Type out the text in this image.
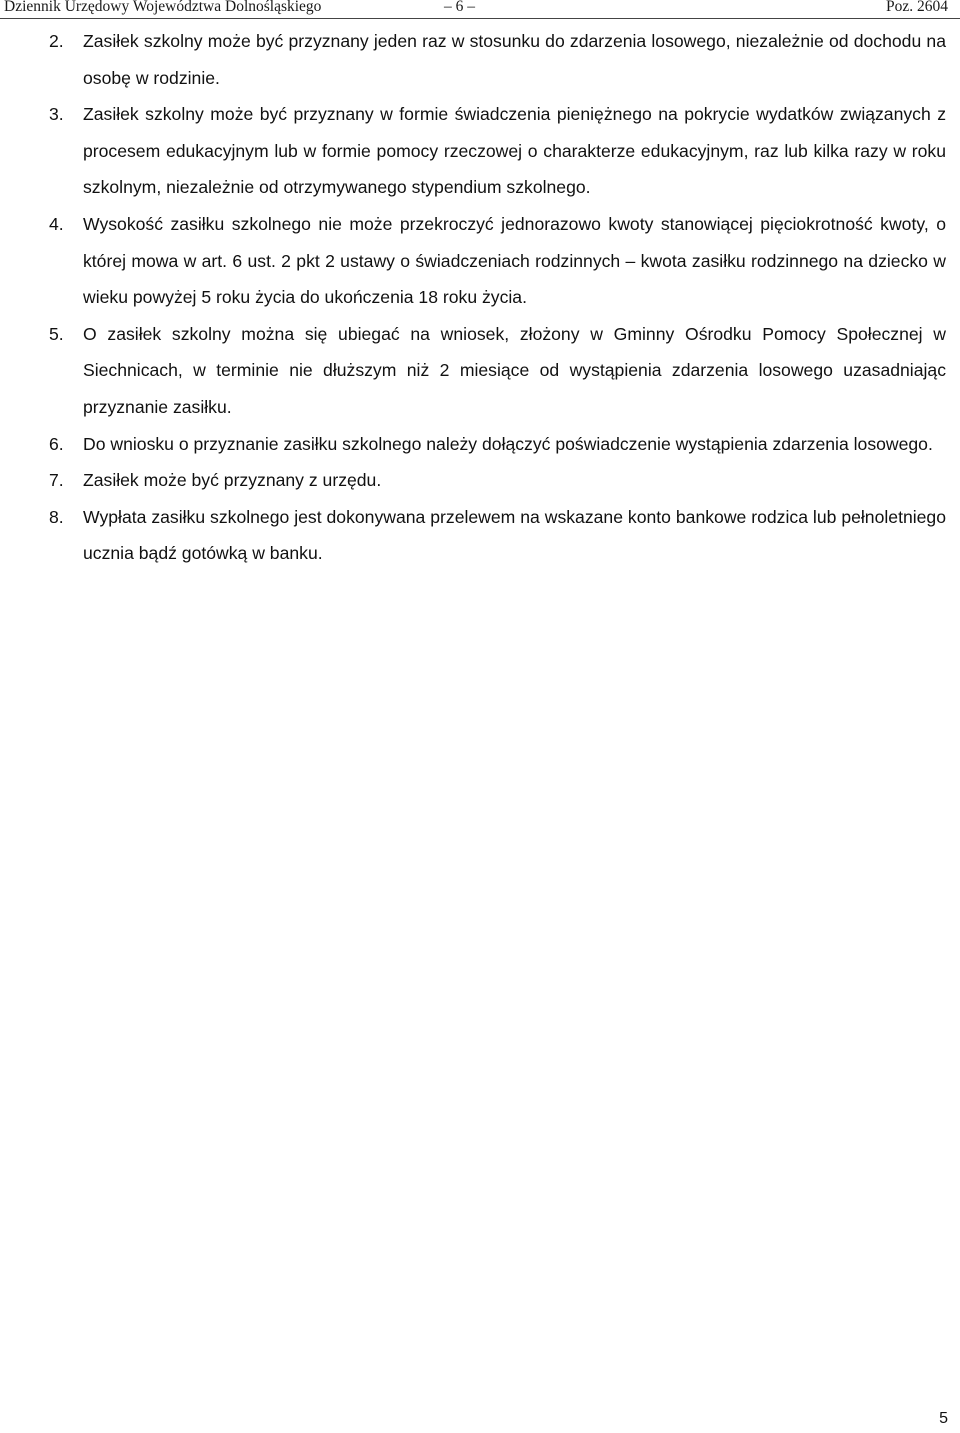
Dziennik Urzędowy Województwa Dolnośląskiego	– 6 –	Poz. 2604
2.	Zasiłek szkolny może być przyznany jeden raz w stosunku do zdarzenia losowego, niezależnie od dochodu na osobę w rodzinie.
3.	Zasiłek szkolny może być przyznany w formie świadczenia pieniężnego na pokrycie wydatków związanych z procesem edukacyjnym lub w formie pomocy rzeczowej o charakterze edukacyjnym, raz lub kilka razy w roku szkolnym, niezależnie od otrzymywanego stypendium szkolnego.
4.	Wysokość zasiłku szkolnego nie może przekroczyć jednorazowo kwoty stanowiącej pięciokrotność kwoty, o której mowa w art. 6 ust. 2 pkt 2 ustawy o świadczeniach rodzinnych – kwota zasiłku rodzinnego na dziecko w wieku powyżej 5 roku życia do ukończenia 18 roku życia.
5.	O zasiłek szkolny można się ubiegać na wniosek, złożony w Gminny Ośrodku Pomocy Społecznej w Siechnicach, w terminie nie dłuższym niż 2 miesiące od wystąpienia zdarzenia losowego uzasadniając przyznanie zasiłku.
6.	Do wniosku o przyznanie zasiłku szkolnego należy dołączyć poświadczenie wystąpienia zdarzenia losowego.
7.	Zasiłek może być przyznany z urzędu.
8.	Wypłata zasiłku szkolnego jest dokonywana przelewem na wskazane konto bankowe rodzica lub pełnoletniego ucznia bądź gotówką w banku.
5
